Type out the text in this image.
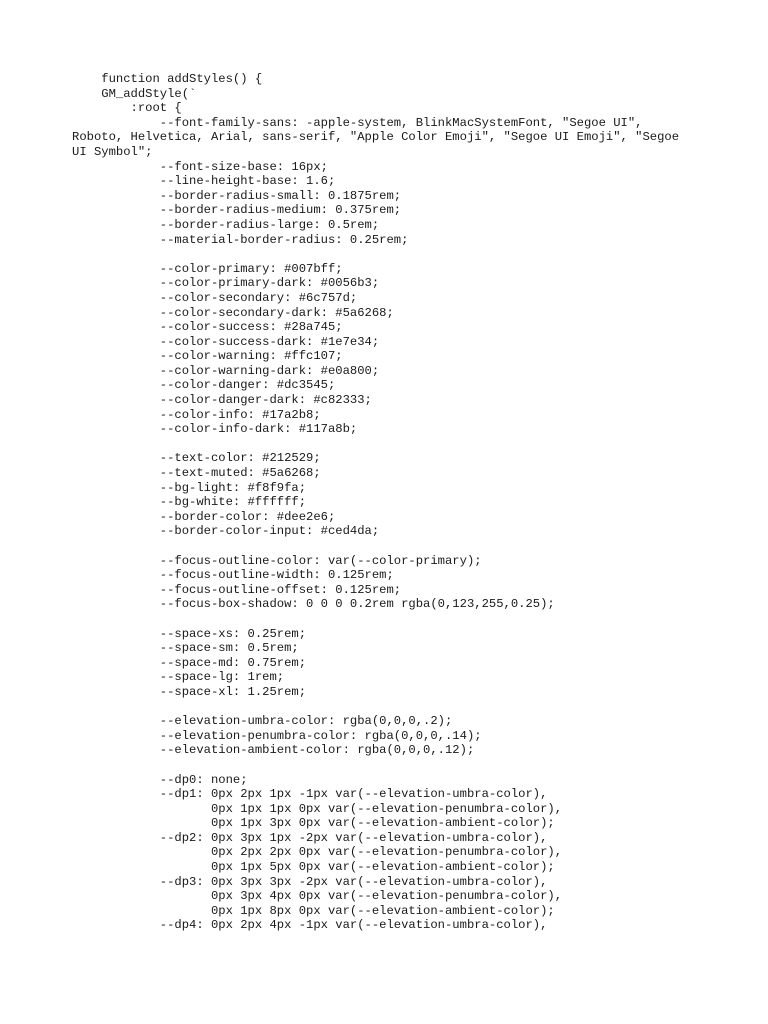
function addStyles() {
GM_addStyle(`
:root {
--font-family-sans: -apple-system, BlinkMacSystemFont, "Segoe UI",
Roboto, Helvetica, Arial, sans-serif, "Apple Color Emoji", "Segoe UI Emoji", "Segoe
UI Symbol";
--font-size-base: 16px;
--line-height-base: 1.6;
--border-radius-small: 0.1875rem;
--border-radius-medium: 0.375rem;
--border-radius-large: 0.5rem;
--material-border-radius: 0.25rem;
--color-primary: #007bff;
--color-primary-dark: #0056b3;
--color-secondary: #6c757d;
--color-secondary-dark: #5a6268;
--color-success: #28a745;
--color-success-dark: #1e7e34;
--color-warning: #ffc107;
--color-warning-dark: #e0a800;
--color-danger: #dc3545;
--color-danger-dark: #c82333;
--color-info: #17a2b8;
--color-info-dark: #117a8b;
--text-color: #212529;
--text-muted: #5a6268;
--bg-light: #f8f9fa;
--bg-white: #ffffff;
--border-color: #dee2e6;
--border-color-input: #ced4da;
--focus-outline-color: var(--color-primary);
--focus-outline-width: 0.125rem;
--focus-outline-offset: 0.125rem;
--focus-box-shadow: 0 0 0 0.2rem rgba(0,123,255,0.25);
--space-xs: 0.25rem;
--space-sm: 0.5rem;
--space-md: 0.75rem;
--space-lg: 1rem;
--space-xl: 1.25rem;
--elevation-umbra-color: rgba(0,0,0,.2);
--elevation-penumbra-color: rgba(0,0,0,.14);
--elevation-ambient-color: rgba(0,0,0,.12);
--dp0: none;
--dp1: 0px 2px 1px -1px var(--elevation-umbra-color),
0px 1px 1px 0px var(--elevation-penumbra-color),
0px 1px 3px 0px var(--elevation-ambient-color);
--dp2: 0px 3px 1px -2px var(--elevation-umbra-color),
0px 2px 2px 0px var(--elevation-penumbra-color),
0px 1px 5px 0px var(--elevation-ambient-color);
--dp3: 0px 3px 3px -2px var(--elevation-umbra-color),
0px 3px 4px 0px var(--elevation-penumbra-color),
0px 1px 8px 0px var(--elevation-ambient-color);
--dp4: 0px 2px 4px -1px var(--elevation-umbra-color),
